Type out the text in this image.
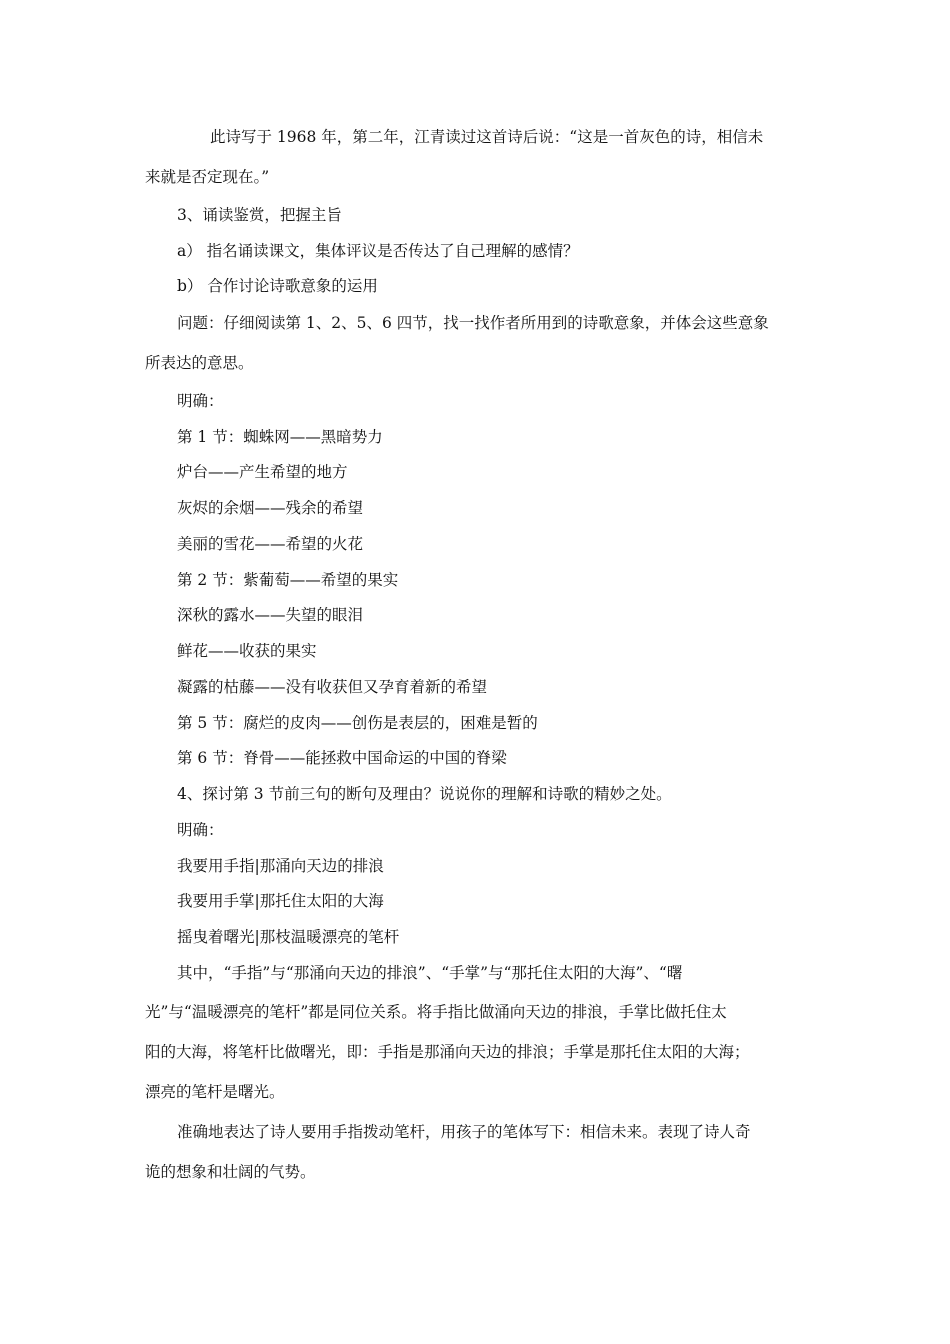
此诗写于 1968 年，第二年，江青读过这首诗后说：“这是一首灰色的诗，相信未
来就是否定现在。”
3、诵读鉴赏，把握主旨
a） 指名诵读课文，集体评议是否传达了自己理解的感情？
b） 合作讨论诗歌意象的运用
问题：仔细阅读第 1、2、5、6 四节，找一找作者所用到的诗歌意象，并体会这些意象
所表达的意思。
明确：
第 1 节：蜘蛛网——黑暗势力
炉台——产生希望的地方
灰烬的余烟——残余的希望
美丽的雪花——希望的火花
第 2 节：紫葡萄——希望的果实
深秋的露水——失望的眼泪
鲜花——收获的果实
凝露的枯藤——没有收获但又孕育着新的希望
第 5 节：腐烂的皮肉——创伤是表层的，困难是暂的
第 6 节：脊骨——能拯救中国命运的中国的脊梁
4、探讨第 3 节前三句的断句及理由？说说你的理解和诗歌的精妙之处。
明确：
我要用手指|那涌向天边的排浪
我要用手掌|那托住太阳的大海
摇曳着曙光|那枝温暖漂亮的笔杆
其中，“手指”与“那涌向天边的排浪”、“手掌”与“那托住太阳的大海”、“曙
光”与“温暖漂亮的笔杆”都是同位关系。将手指比做涌向天边的排浪，手掌比做托住太
阳的大海，将笔杆比做曙光，即：手指是那涌向天边的排浪；手掌是那托住太阳的大海；
漂亮的笔杆是曙光。
准确地表达了诗人要用手指拨动笔杆，用孩子的笔体写下：相信未来。表现了诗人奇
诡的想象和壮阔的气势。
